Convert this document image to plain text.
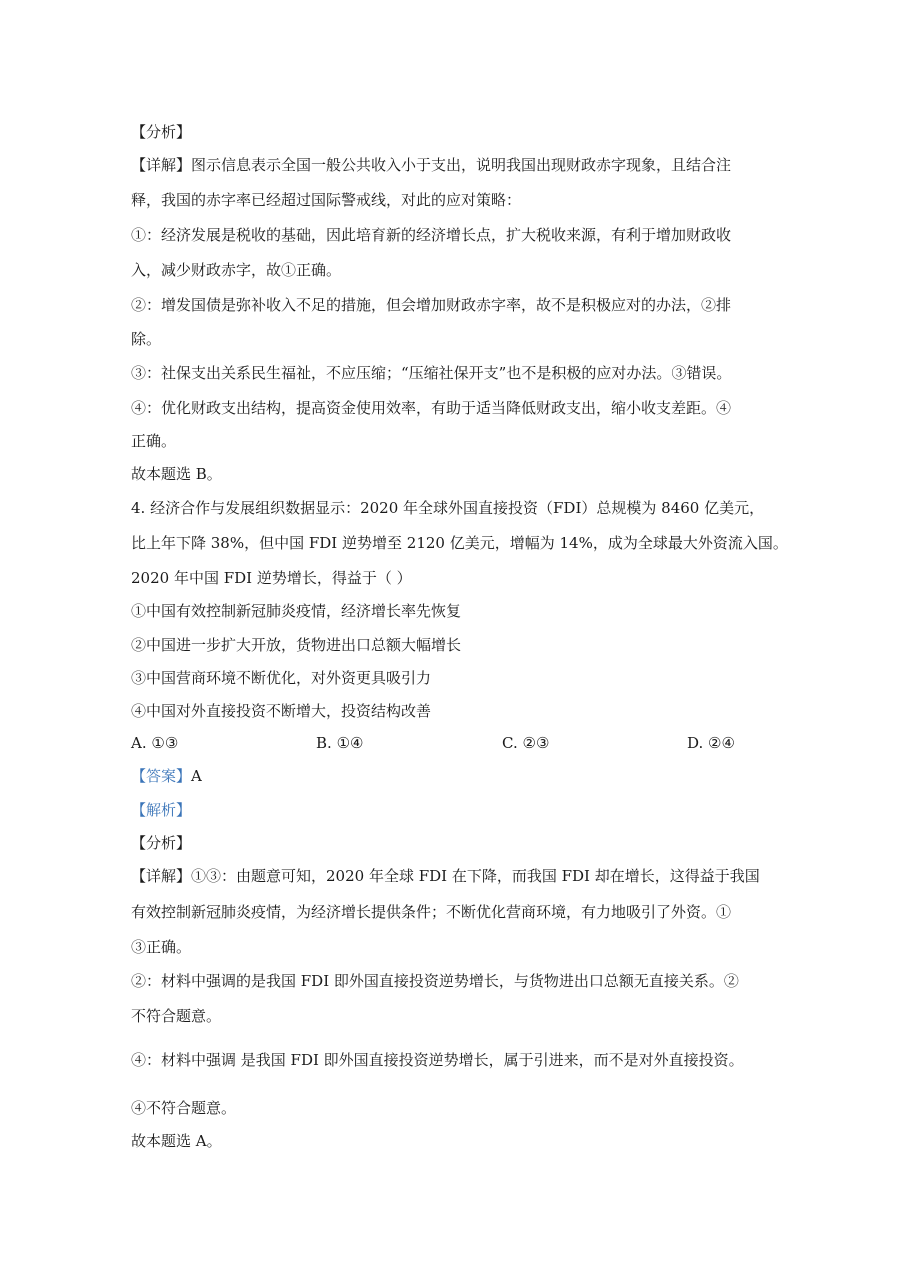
【分析】
【详解】图示信息表示全国一般公共收入小于支出，说明我国出现财政赤字现象，且结合注
释，我国的赤字率已经超过国际警戒线，对此的应对策略：
①：经济发展是税收的基础，因此培育新的经济增长点，扩大税收来源，有利于增加财政收
入，减少财政赤字，故①正确。
②：增发国债是弥补收入不足的措施，但会增加财政赤字率，故不是积极应对的办法，②排
除。
③：社保支出关系民生福祉，不应压缩；“压缩社保开支”也不是积极的应对办法。③错误。
④：优化财政支出结构，提高资金使用效率，有助于适当降低财政支出，缩小收支差距。④
正确。
故本题选 B。
4. 经济合作与发展组织数据显示：2020 年全球外国直接投资（FDI）总规模为 8460 亿美元，
比上年下降 38%，但中国 FDI 逆势增至 2120 亿美元，增幅为 14%，成为全球最大外资流入国。
2020 年中国 FDI 逆势增长，得益于（ ）
①中国有效控制新冠肺炎疫情，经济增长率先恢复
②中国进一步扩大开放，货物进出口总额大幅增长
③中国营商环境不断优化，对外资更具吸引力
④中国对外直接投资不断增大，投资结构改善
A. ①③	B. ①④	C. ②③	D. ②④
【答案】A
【解析】
【分析】
【详解】①③：由题意可知，2020 年全球 FDI 在下降，而我国 FDI 却在增长，这得益于我国
有效控制新冠肺炎疫情，为经济增长提供条件；不断优化营商环境，有力地吸引了外资。①
③正确。
②：材料中强调的是我国 FDI 即外国直接投资逆势增长，与货物进出口总额无直接关系。②
不符合题意。
④：材料中强调 是我国 FDI 即外国直接投资逆势增长，属于引进来，而不是对外直接投资。
④不符合题意。
故本题选 A。
